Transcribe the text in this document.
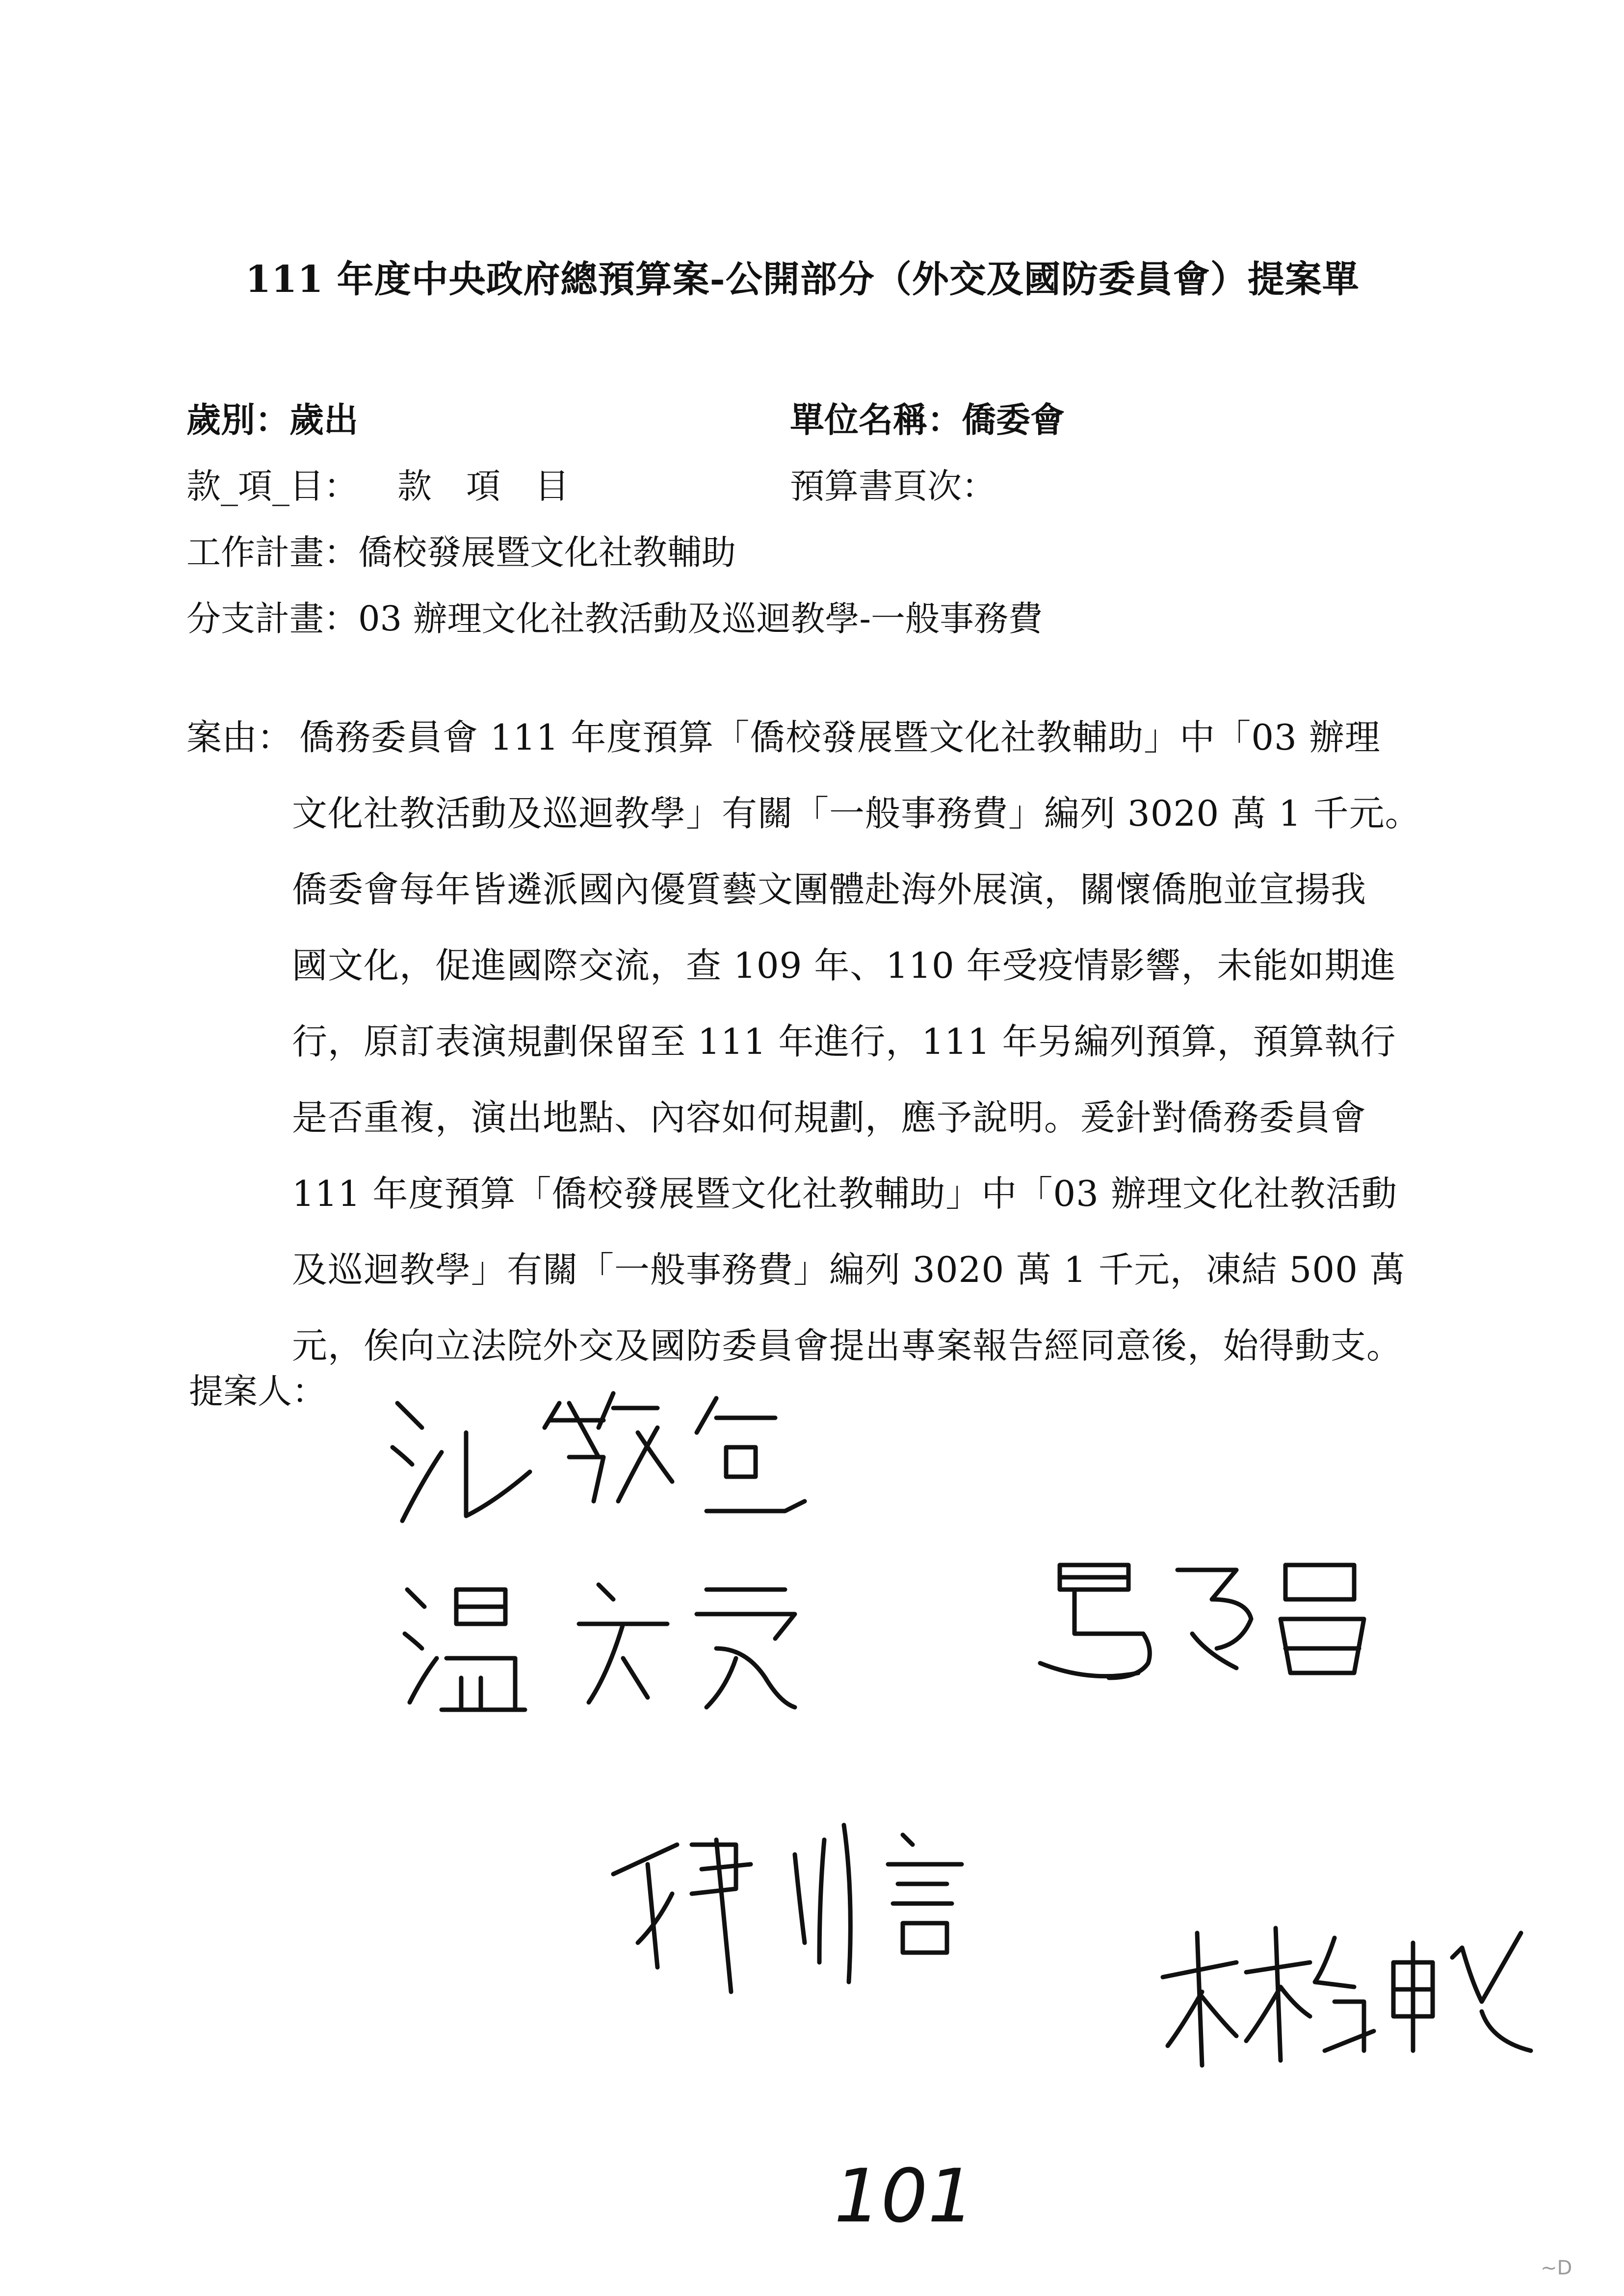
111 年度中央政府總預算案-公開部分（外交及國防委員會）提案單
歲別：歲出	單位名稱：僑委會
款_項_目： 款　項　目	預算書頁次：
工作計畫：僑校發展暨文化社教輔助
分支計畫：03 辦理文化社教活動及巡迴教學-一般事務費
案由： 僑務委員會 111 年度預算「僑校發展暨文化社教輔助」中「03 辦理
文化社教活動及巡迴教學」有關「一般事務費」編列 3020 萬 1 千元。
僑委會每年皆遴派國內優質藝文團體赴海外展演，關懷僑胞並宣揚我
國文化，促進國際交流，查 109 年、110 年受疫情影響，未能如期進
行，原訂表演規劃保留至 111 年進行，111 年另編列預算，預算執行
是否重複，演出地點、內容如何規劃，應予說明。爰針對僑務委員會
111 年度預算「僑校發展暨文化社教輔助」中「03 辦理文化社教活動
及巡迴教學」有關「一般事務費」編列 3020 萬 1 千元，凍結 500 萬
元，俟向立法院外交及國防委員會提出專案報告經同意後，始得動支。
提案人：
101
~D
